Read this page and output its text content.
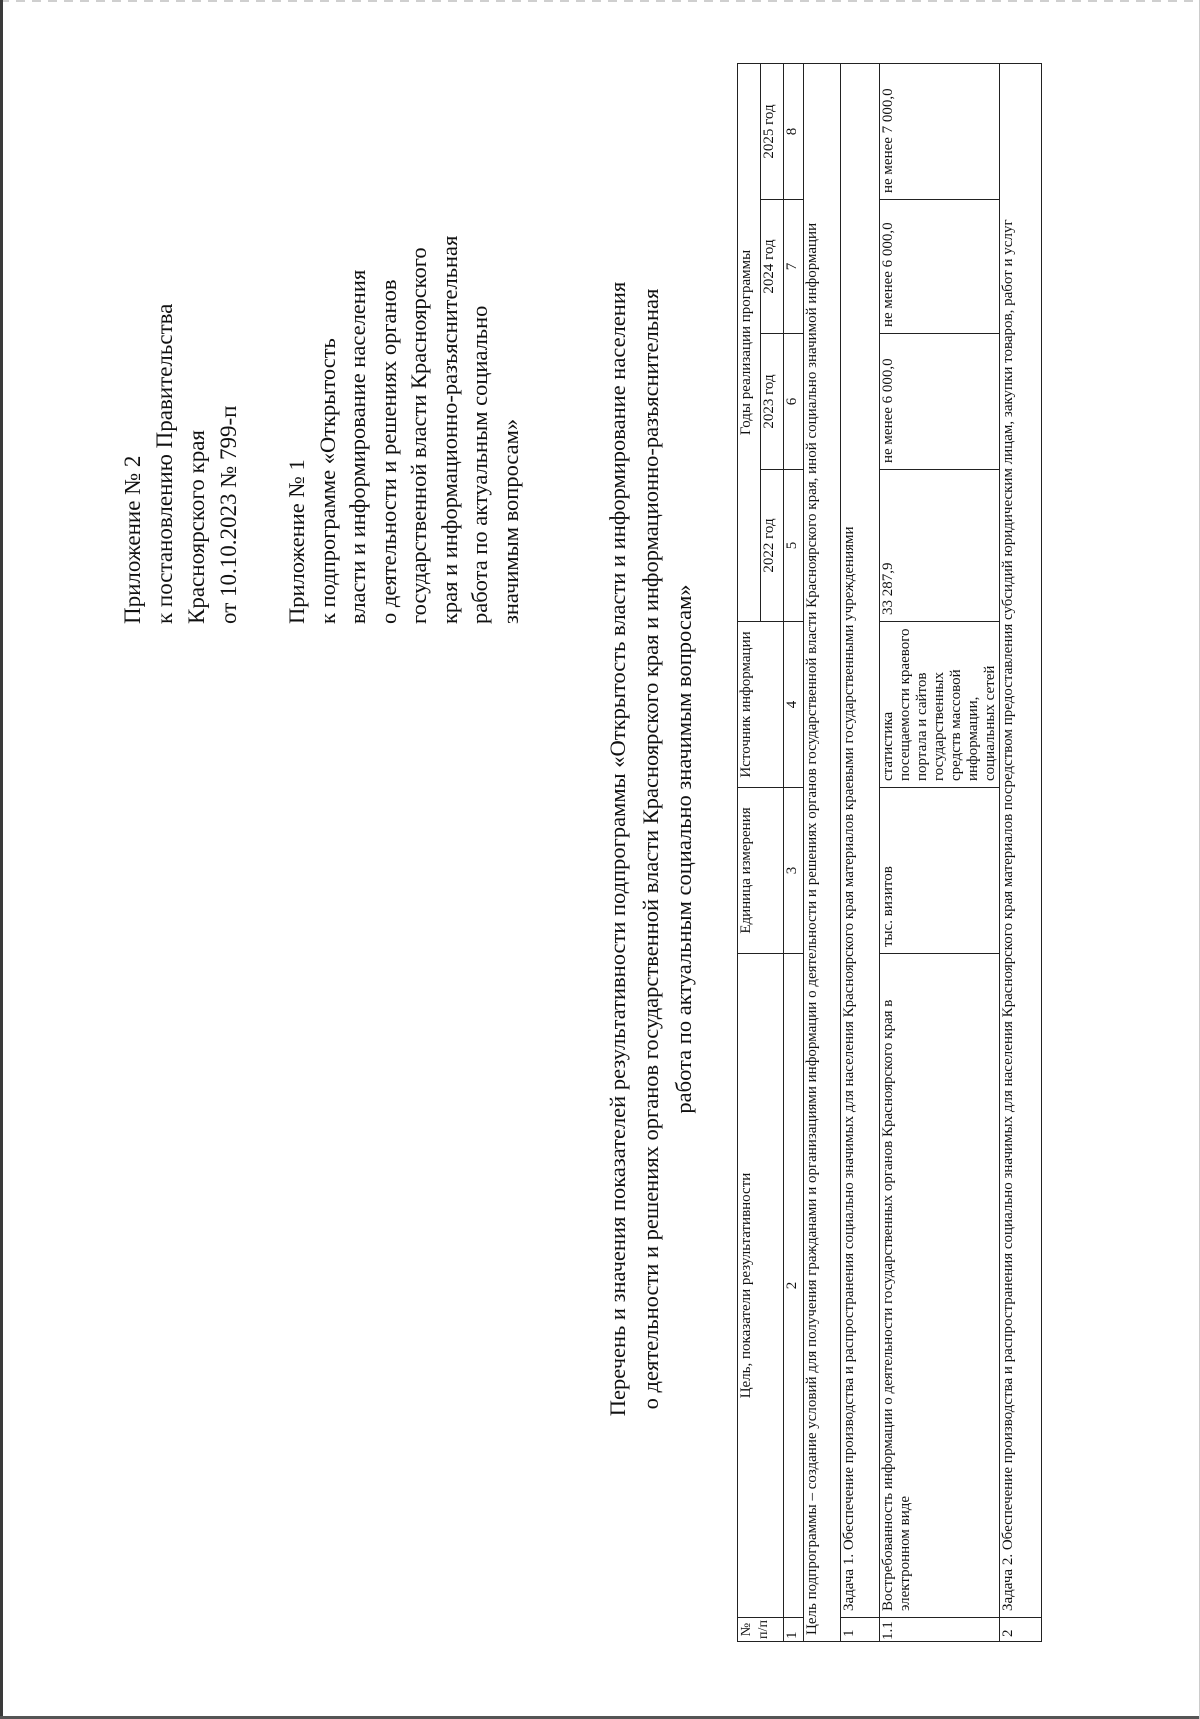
Приложение № 2 к постановлению Правительства Красноярского края от 10.10.2023 № 799-п Приложение № 1 к подпрограмме «Открытость власти и информирование населения о деятельности и решениях органов государственной власти Красноярского края и информационно-разъяснительная работа по актуальным социально значимым вопросам»	Перечень и значения показателей результативности подпрограммы «Открытость власти и информирование населения о деятельности и решениях органов государственной власти Красноярского края и информационно-разъяснительная работа по актуальным социально значимым вопросам»
№ п/п	Цель, показатели результативности	Единица измерения	Источник информации	Годы реализации программы			
				2022 год	2023 год	2024 год	2025 год
1	2	3	4	5	6	7	8
Цель подпрограммы – создание условий для получения гражданами и организациями информации о деятельности и решениях органов государственной власти Красноярского края, иной социально значимой информации							
1	Задача 1. Обеспечение производства и распространения социально значимых для населения Красноярского края материалов краевыми государственными учреждениями						
1.1	Востребованность информации о деятельности государственных органов Красноярского края в электронном виде	тыс. визитов	статистика посещаемости краевого портала и сайтов государственных средств массовой информации, социальных сетей	33 287,9	не менее 6 000,0	не менее 6 000,0	не менее 7 000,0
2	Задача 2. Обеспечение производства и распространения социально значимых для населения Красноярского края материалов посредством предоставления субсидий юридическим лицам, закупки товаров, работ и услуг						
